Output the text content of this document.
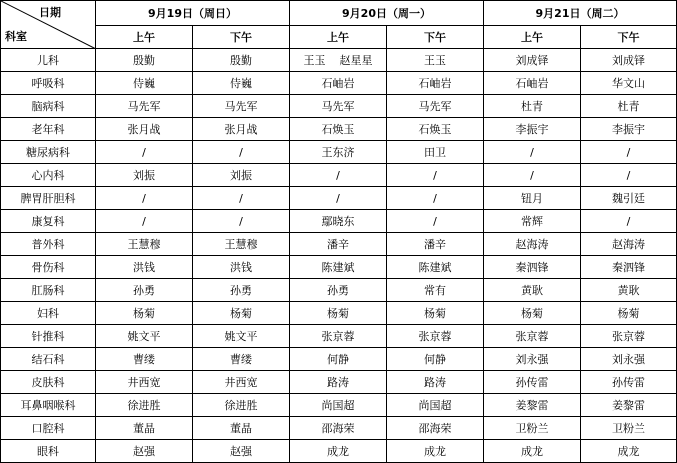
日期
科室	9月19日（周日）		9月20日（周一）		9月21日（周二）	
	上午	下午	上午	下午	上午	下午
儿科	殷勤	殷勤	王玉    赵星星	王玉	刘成铎	刘成铎
呼吸科	侍巍	侍巍	石岫岩	石岫岩	石岫岩	华文山
脑病科	马先军	马先军	马先军	马先军	杜青	杜青
老年科	张月战	张月战	石焕玉	石焕玉	李振宇	李振宇
糖尿病科	/	/	王东济	田卫	/	/
心内科	刘振	刘振	/	/	/	/
脾胃肝胆科	/	/	/	/	钮月	魏引廷
康复科	/	/	鄢晓东	/	常辉	/
普外科	王慧穆	王慧穆	潘辛	潘辛	赵海涛	赵海涛
骨伤科	洪钱	洪钱	陈建斌	陈建斌	秦泗锋	秦泗锋
肛肠科	孙勇	孙勇	孙勇	常有	黄耿	黄耿
妇科	杨菊	杨菊	杨菊	杨菊	杨菊	杨菊
针推科	姚文平	姚文平	张京蓉	张京蓉	张京蓉	张京蓉
结石科	曹缕	曹缕	何静	何静	刘永强	刘永强
皮肤科	井西宽	井西宽	路涛	路涛	孙传雷	孙传雷
耳鼻咽喉科	徐进胜	徐进胜	尚国超	尚国超	姜黎雷	姜黎雷
口腔科	董晶	董晶	邵海荣	邵海荣	卫粉兰	卫粉兰
眼科	赵强	赵强	成龙	成龙	成龙	成龙
